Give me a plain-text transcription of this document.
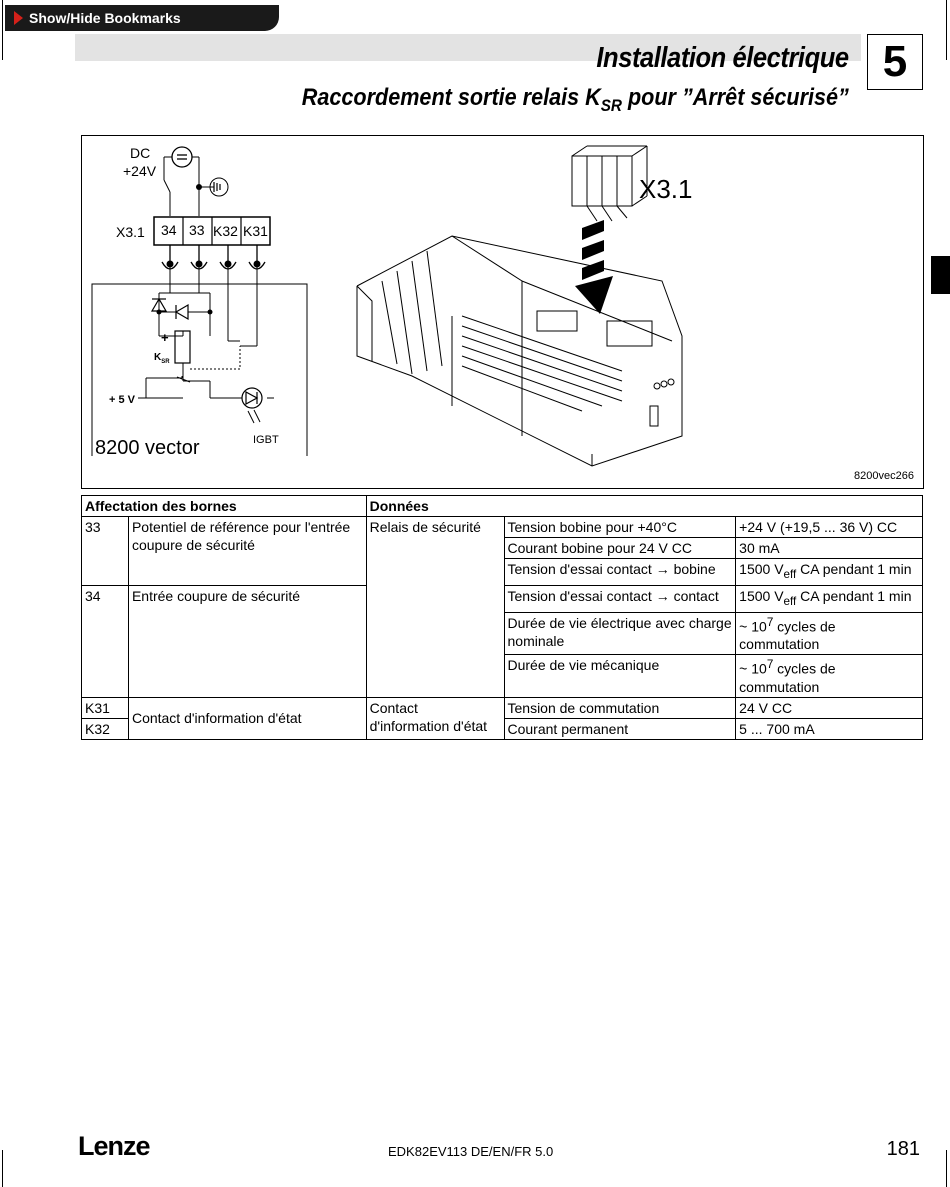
Show/Hide Bookmarks
Installation électrique
Raccordement sortie relais $K_{SR}$ pour ”Arrêt sécurisé”
5
DC
+24V
X3.1 34 33 K32 K31
+
$K_{SR}$
+ 5 V
IGBT
8200 vector
X3.1
8200vec266
Affectation des bornes		Données		
33	Potentiel de référence pour l'entrée coupure de sécurité	Relais de sécurité	Tension bobine pour +40°C	+24 V (+19,5 ... 36 V) CC
			Courant bobine pour 24 V CC	30 mA
			Tension d'essai contact → bobine	1500 $V_{eff}$ CA pendant 1 min
34	Entrée coupure de sécurité		Tension d'essai contact → contact	1500 $V_{eff}$ CA pendant 1 min
			Durée de vie électrique avec charge nominale	~ $10^7$ cycles de commutation
			Durée de vie mécanique	~ $10^7$ cycles de commutation
K31	Contact d'information d'état	Contact d'information d'état	Tension de commutation	24 V CC
K32			Courant permanent	5 ... 700 mA
Lenze	EDK82EV113 DE/EN/FR 5.0	181
